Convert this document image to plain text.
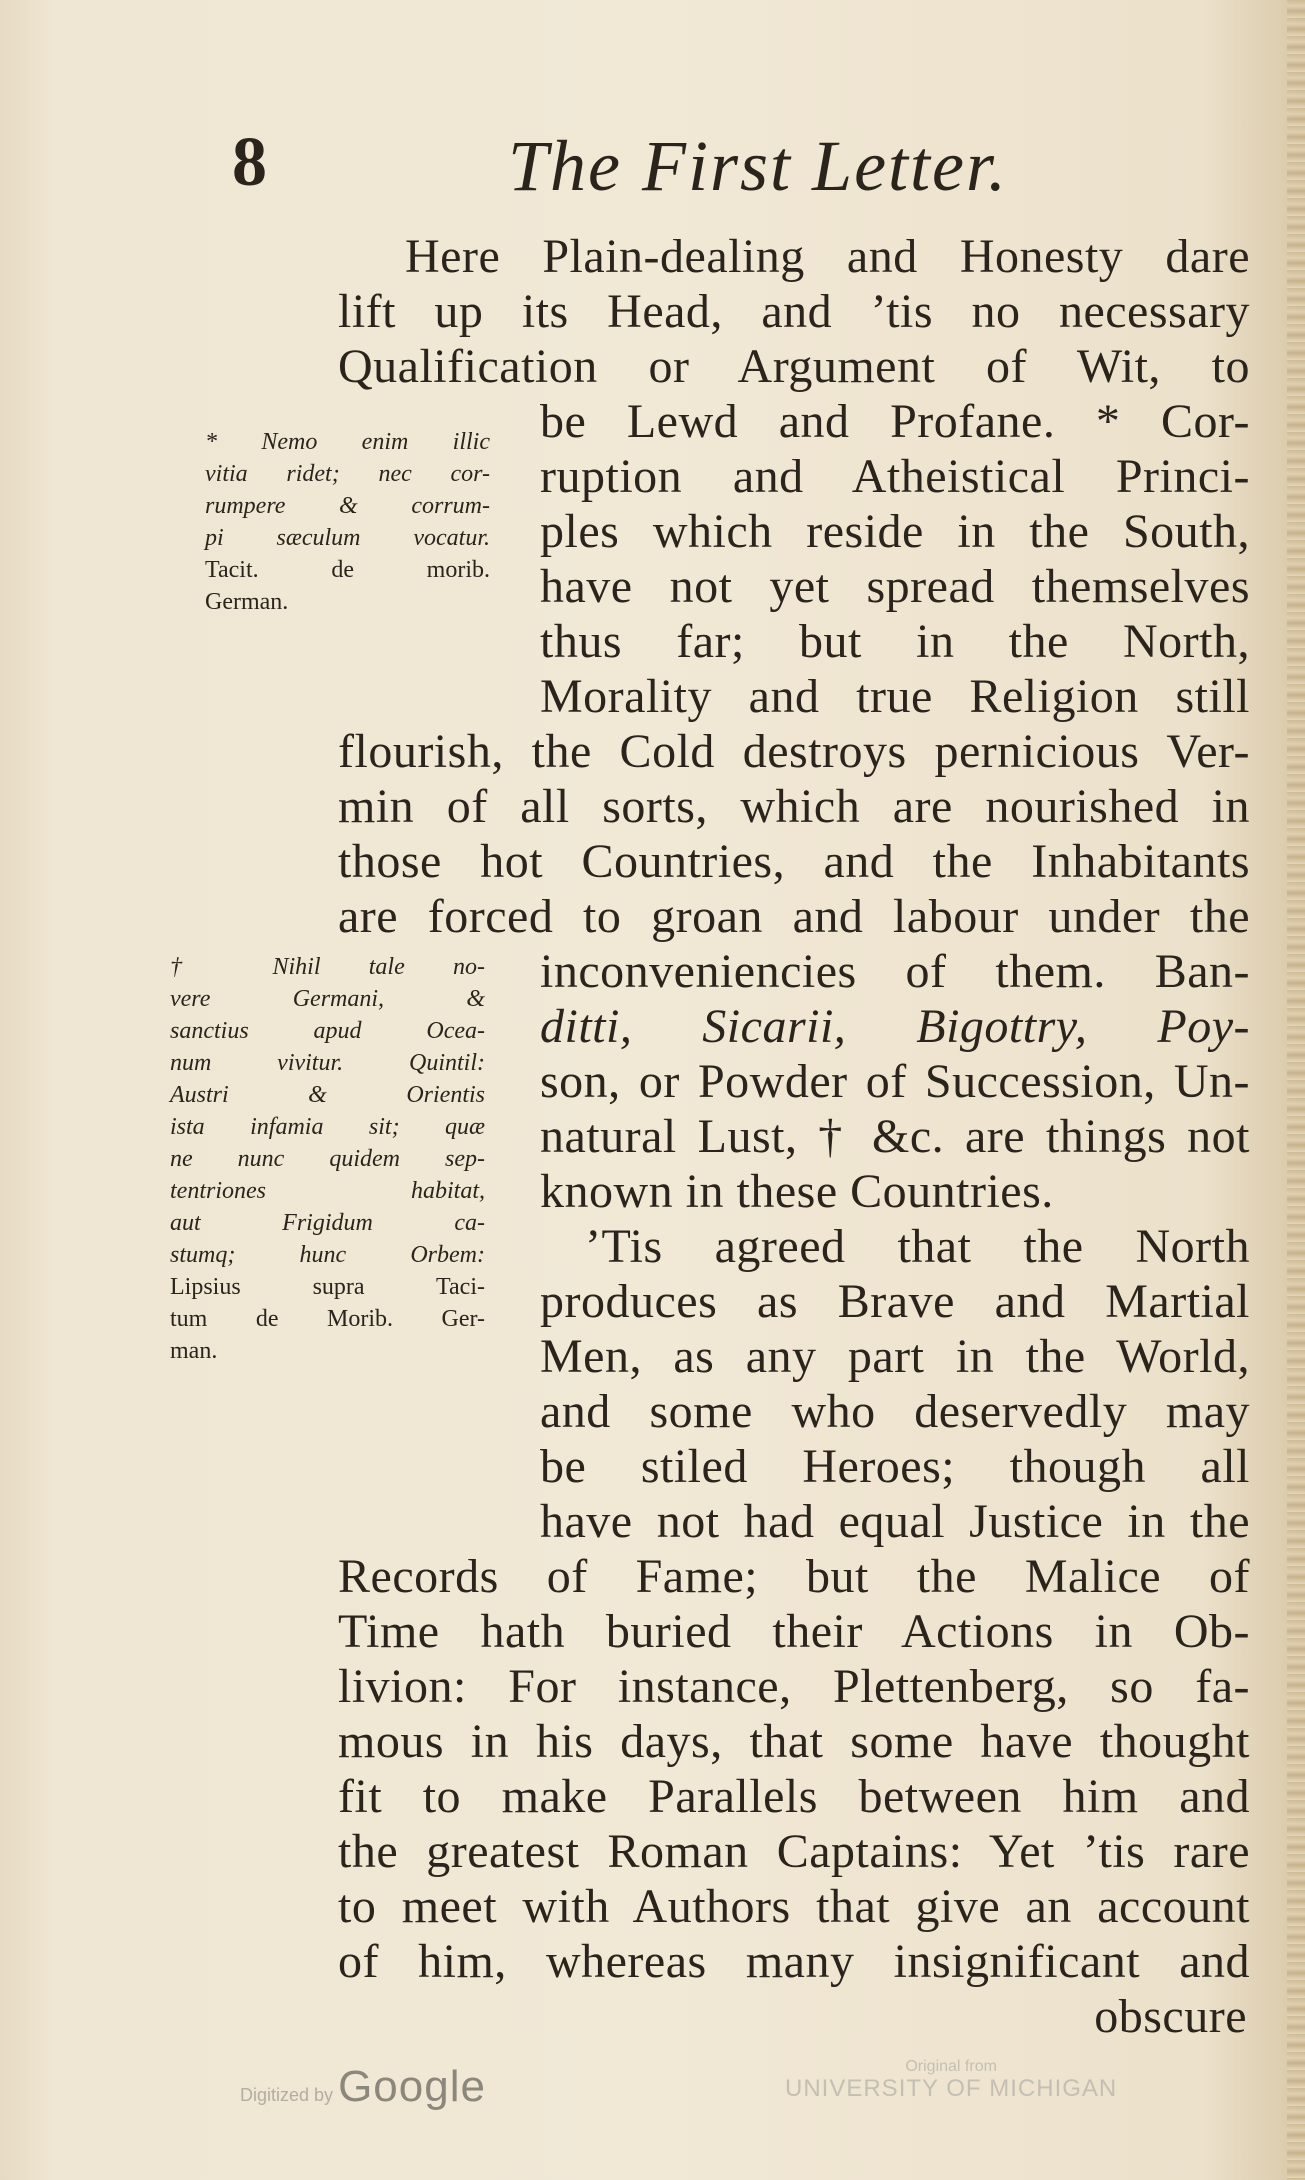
8	The First Letter.
Here Plain-dealing and Honesty dare
lift up its Head, and ’tis no necessary
Qualification or Argument of Wit, to
be Lewd and Profane. * Cor-
ruption and Atheistical Princi-
ples which reside in the South,
have not yet spread themselves
thus far; but in the North,
Morality and true Religion still
flourish, the Cold destroys pernicious Ver-
min of all sorts, which are nourished in
those hot Countries, and the Inhabitants
are forced to groan and labour under the
inconveniencies of them. Ban-
ditti, Sicarii, Bigottry, Poy-
son, or Powder of Succession, Un-
natural Lust, † &c. are things not
known in these Countries.
’Tis agreed that the North
produces as Brave and Martial
Men, as any part in the World,
and some who deservedly may
be stiled Heroes; though all
have not had equal Justice in the
Records of Fame; but the Malice of
Time hath buried their Actions in Ob-
livion: For instance, Plettenberg, so fa-
mous in his days, that some have thought
fit to make Parallels between him and
the greatest Roman Captains: Yet ’tis rare
to meet with Authors that give an account
of him, whereas many insignificant and
obscure
* Nemo enim illic
vitia ridet; nec cor-
rumpere & corrum-
pi sæculum vocatur.
Tacit. de morib.
German.
† Nihil tale no-
vere Germani, &
sanctius apud Ocea-
num vivitur. Quintil:
Austri & Orientis
ista infamia sit; quæ
ne nunc quidem sep-
tentriones habitat,
aut Frigidum ca-
stumq; hunc Orbem:
Lipsius supra Taci-
tum de Morib. Ger-
man.
Digitized by Google	Original from
UNIVERSITY OF MICHIGAN
